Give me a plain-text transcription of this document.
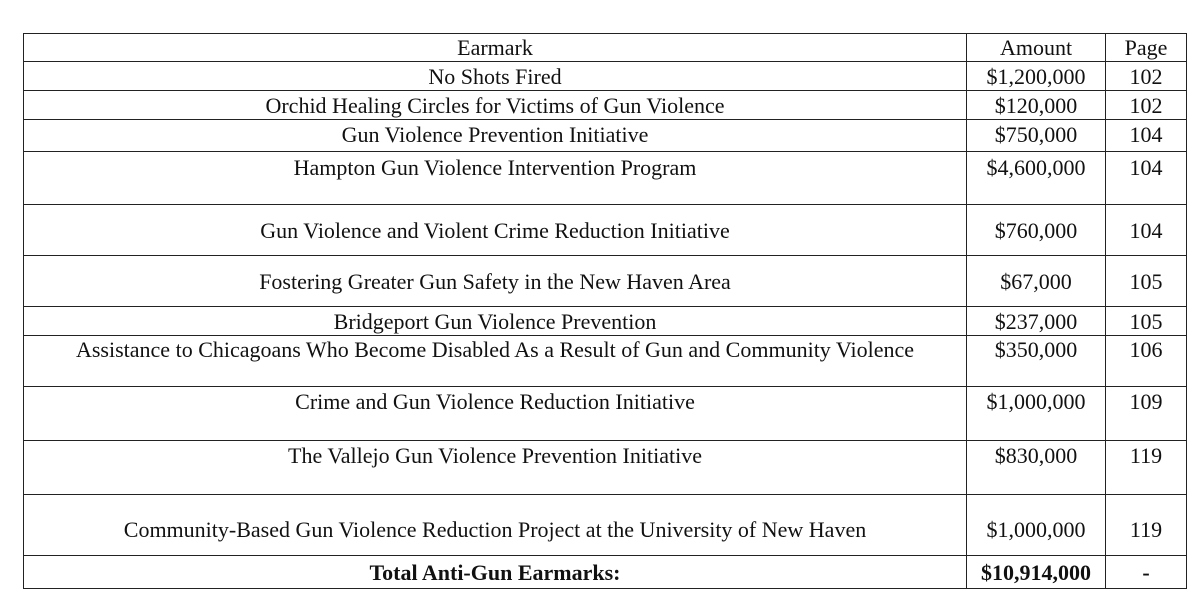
Earmark	Amount	Page
No Shots Fired	$1,200,000	102
Orchid Healing Circles for Victims of Gun Violence	$120,000	102
Gun Violence Prevention Initiative	$750,000	104
Hampton Gun Violence Intervention Program	$4,600,000	104
Gun Violence and Violent Crime Reduction Initiative	$760,000	104
Fostering Greater Gun Safety in the New Haven Area	$67,000	105
Bridgeport Gun Violence Prevention	$237,000	105
Assistance to Chicagoans Who Become Disabled As a Result of Gun and Community Violence	$350,000	106
Crime and Gun Violence Reduction Initiative	$1,000,000	109
The Vallejo Gun Violence Prevention Initiative	$830,000	119
Community-Based Gun Violence Reduction Project at the University of New Haven	$1,000,000	119
Total Anti-Gun Earmarks:	$10,914,000	-
